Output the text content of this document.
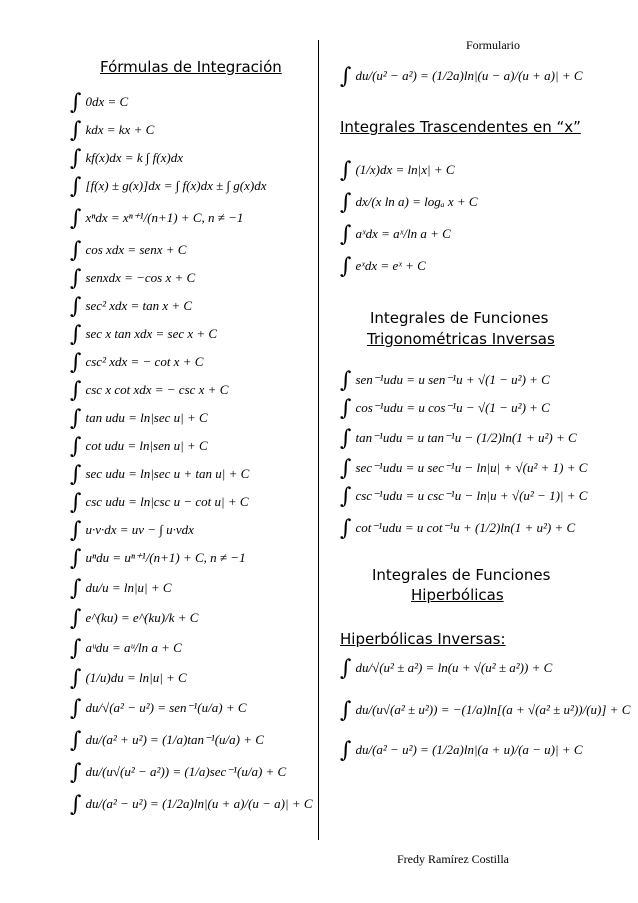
Formulario
Fórmulas de Integración
∫ 0dx = C
∫ kdx = kx + C
∫ kf(x)dx = k ∫ f(x)dx
∫ [f(x) ± g(x)]dx = ∫ f(x)dx ± ∫ g(x)dx
∫ xⁿdx = xⁿ⁺¹/(n+1) + C, n ≠ −1
∫ cos xdx = senx + C
∫ senxdx = −cos x + C
∫ sec² xdx = tan x + C
∫ sec x tan xdx = sec x + C
∫ csc² xdx = − cot x + C
∫ csc x cot xdx = − csc x + C
∫ tan udu = ln|sec u| + C
∫ cot udu = ln|sen u| + C
∫ sec udu = ln|sec u + tan u| + C
∫ csc udu = ln|csc u − cot u| + C
∫ u·v·dx = uv − ∫ u·vdx
∫ uⁿdu = uⁿ⁺¹/(n+1) + C, n ≠ −1
∫ du/u = ln|u| + C
∫ e^(ku) = e^(ku)/k + C
∫ aᵘdu = aᵘ/ln a + C
∫ (1/u)du = ln|u| + C
∫ du/√(a² − u²) = sen⁻¹(u/a) + C
∫ du/(a² + u²) = (1/a)tan⁻¹(u/a) + C
∫ du/(u√(u² − a²)) = (1/a)sec⁻¹(u/a) + C
∫ du/(a² − u²) = (1/2a)ln|(u + a)/(u − a)| + C
∫ du/(u² − a²) = (1/2a)ln|(u − a)/(u + a)| + C
Integrales Trascendentes en “x”
∫ (1/x)dx = ln|x| + C
∫ dx/(x ln a) = logₐ x + C
∫ aˣdx = aˣ/ln a + C
∫ eˣdx = eˣ + C
Integrales de Funciones
Trigonométricas Inversas
∫ sen⁻¹udu = u sen⁻¹u + √(1 − u²) + C
∫ cos⁻¹udu = u cos⁻¹u − √(1 − u²) + C
∫ tan⁻¹udu = u tan⁻¹u − (1/2)ln(1 + u²) + C
∫ sec⁻¹udu = u sec⁻¹u − ln|u| + √(u² + 1) + C
∫ csc⁻¹udu = u csc⁻¹u − ln|u + √(u² − 1)| + C
∫ cot⁻¹udu = u cot⁻¹u + (1/2)ln(1 + u²) + C
Integrales de Funciones
Hiperbólicas
Hiperbólicas Inversas:
∫ du/√(u² ± a²) = ln(u + √(u² ± a²)) + C
∫ du/(u√(a² ± u²)) = −(1/a)ln[(a + √(a² ± u²))/(u)] + C
∫ du/(a² − u²) = (1/2a)ln|(a + u)/(a − u)| + C
Fredy Ramírez Costilla
